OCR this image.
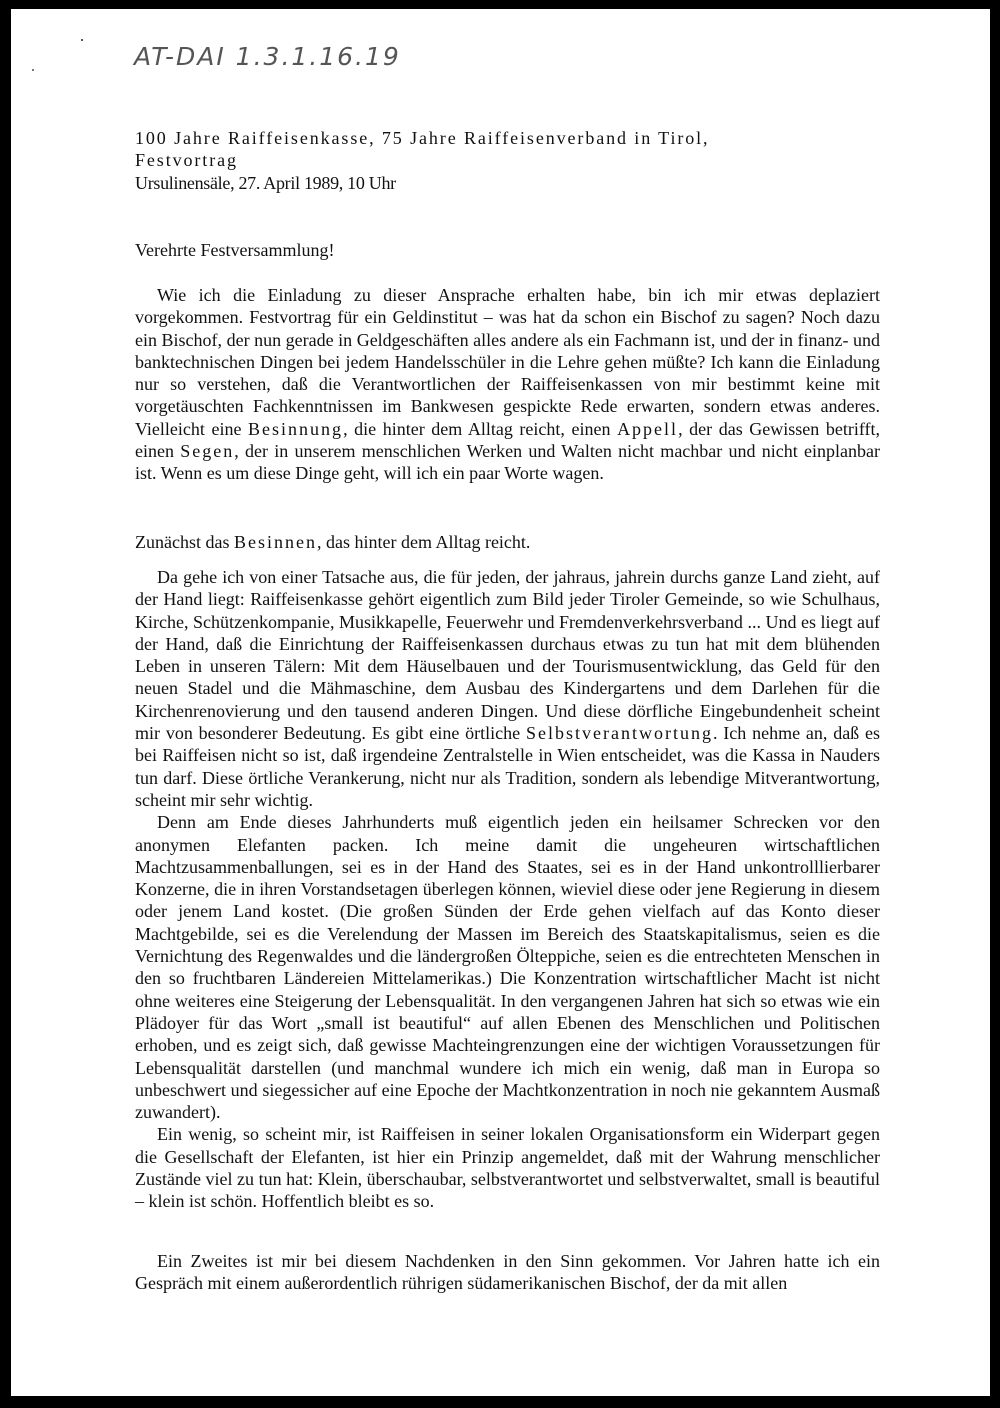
AT-DAI 1.3.1.16.19
100 Jahre Raiffeisenkasse, 75 Jahre Raiffeisenverband in Tirol,
Festvortrag
Ursulinensäle, 27. April 1989, 10 Uhr
Verehrte Festversammlung!

Wie ich die Einladung zu dieser Ansprache erhalten habe, bin ich mir etwas deplaziert vorgekommen. Festvortrag für ein Geldinstitut – was hat da schon ein Bischof zu sagen? Noch dazu ein Bischof, der nun gerade in Geldgeschäften alles andere als ein Fachmann ist, und der in finanz- und banktechnischen Dingen bei jedem Handelsschüler in die Lehre gehen müßte? Ich kann die Einladung nur so verstehen, daß die Verantwortlichen der Raiffeisenkassen von mir bestimmt keine mit vorgetäuschten Fachkenntnissen im Bankwesen gespickte Rede erwarten, sondern etwas anderes. Vielleicht eine Besinnung, die hinter dem Alltag reicht, einen Appell, der das Gewissen betrifft, einen Segen, der in unserem menschlichen Werken und Walten nicht machbar und nicht einplanbar ist. Wenn es um diese Dinge geht, will ich ein paar Worte wagen.

Zunächst das Besinnen, das hinter dem Alltag reicht.

Da gehe ich von einer Tatsache aus, die für jeden, der jahraus, jahrein durchs ganze Land zieht, auf der Hand liegt: Raiffeisenkasse gehört eigentlich zum Bild jeder Tiroler Gemeinde, so wie Schulhaus, Kirche, Schützenkompanie, Musikkapelle, Feuerwehr und Fremdenverkehrsverband ... Und es liegt auf der Hand, daß die Einrichtung der Raiffeisenkassen durchaus etwas zu tun hat mit dem blühenden Leben in unseren Tälern: Mit dem Häuselbauen und der Tourismusentwicklung, das Geld für den neuen Stadel und die Mähmaschine, dem Ausbau des Kindergartens und dem Darlehen für die Kirchenrenovierung und den tausend anderen Dingen. Und diese dörfliche Eingebundenheit scheint mir von besonderer Bedeutung. Es gibt eine örtliche Selbstverantwortung. Ich nehme an, daß es bei Raiffeisen nicht so ist, daß irgendeine Zentralstelle in Wien entscheidet, was die Kassa in Nauders tun darf. Diese örtliche Verankerung, nicht nur als Tradition, sondern als lebendige Mitverantwortung, scheint mir sehr wichtig.

Denn am Ende dieses Jahrhunderts muß eigentlich jeden ein heilsamer Schrecken vor den anonymen Elefanten packen. Ich meine damit die ungeheuren wirtschaftlichen Machtzusammenballungen, sei es in der Hand des Staates, sei es in der Hand unkontrolllierbarer Konzerne, die in ihren Vorstandsetagen überlegen können, wieviel diese oder jene Regierung in diesem oder jenem Land kostet. (Die großen Sünden der Erde gehen vielfach auf das Konto dieser Machtgebilde, sei es die Verelendung der Massen im Bereich des Staatskapitalismus, seien es die Vernichtung des Regenwaldes und die ländergroßen Ölteppiche, seien es die entrechteten Menschen in den so fruchtbaren Ländereien Mittelamerikas.) Die Konzentration wirtschaftlicher Macht ist nicht ohne weiteres eine Steigerung der Lebensqualität. In den vergangenen Jahren hat sich so etwas wie ein Plädoyer für das Wort „small ist beautiful“ auf allen Ebenen des Menschlichen und Politischen erhoben, und es zeigt sich, daß gewisse Machteingrenzungen eine der wichtigen Voraussetzungen für Lebensqualität darstellen (und manchmal wundere ich mich ein wenig, daß man in Europa so unbeschwert und siegessicher auf eine Epoche der Machtkonzentration in noch nie gekanntem Ausmaß zuwandert).

Ein wenig, so scheint mir, ist Raiffeisen in seiner lokalen Organisationsform ein Widerpart gegen die Gesellschaft der Elefanten, ist hier ein Prinzip angemeldet, daß mit der Wahrung menschlicher Zustände viel zu tun hat: Klein, überschaubar, selbstverantwortet und selbstverwaltet, small is beautiful – klein ist schön. Hoffentlich bleibt es so.

Ein Zweites ist mir bei diesem Nachdenken in den Sinn gekommen. Vor Jahren hatte ich ein Gespräch mit einem außerordentlich rührigen südamerikanischen Bischof, der da mit allen
